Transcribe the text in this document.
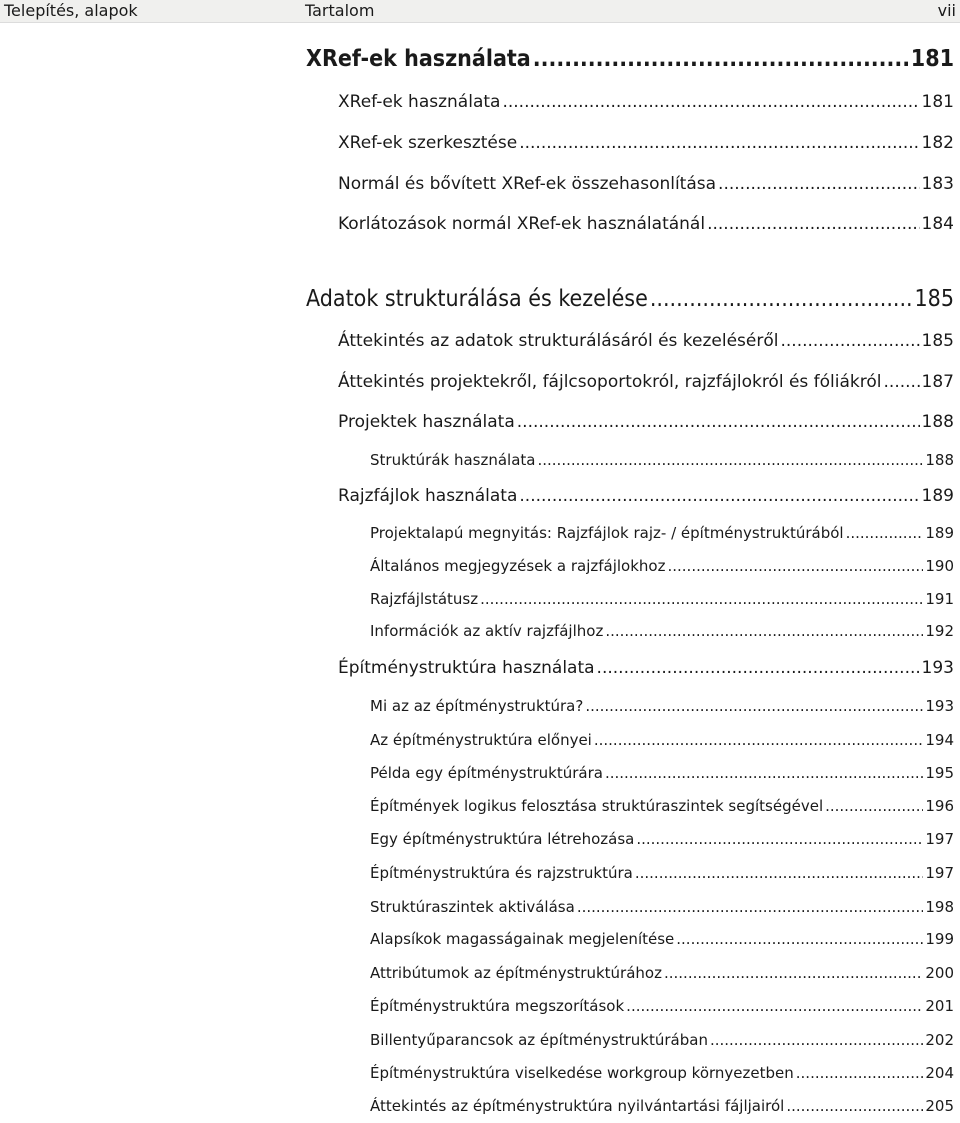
Telepítés, alapok	Tartalom	vii
XRef-ek használata .....	181
XRef-ek használata .....	181
XRef-ek szerkesztése .....	182
Normál és bővített XRef-ek összehasonlítása .....	183
Korlátozások normál XRef-ek használatánál .....	184
Adatok strukturálása és kezelése .....	185
Áttekintés az adatok strukturálásáról és kezeléséről .....	185
Áttekintés projektekről, fájlcsoportokról, rajzfájlokról és fóliákról ..... 187
Projektek használata .....	188
Struktúrák használata .....	188
Rajzfájlok használata .....	189
Projektalapú megnyitás: Rajzfájlok rajz- / építménystruktúrából .....	189
Általános megjegyzések a rajzfájlokhoz .....	190
Rajzfájlstátusz .....	191
Információk az aktív rajzfájlhoz .....	192
Építménystruktúra használata .....	193
Mi az az építménystruktúra? .....	193
Az építménystruktúra előnyei .....	194
Példa egy építménystruktúrára .....	195
Építmények logikus felosztása struktúraszintek segítségével .....	196
Egy építménystruktúra létrehozása .....	197
Építménystruktúra és rajzstruktúra .....	197
Struktúraszintek aktiválása .....	198
Alapsíkok magasságainak megjelenítése .....	199
Attribútumok az építménystruktúrához .....	200
Építménystruktúra megszorítások .....	201
Billentyűparancsok az építménystruktúrában .....	202
Építménystruktúra viselkedése workgroup környezetben .....	204
Áttekintés az építménystruktúra nyilvántartási fájljairól .....	205
